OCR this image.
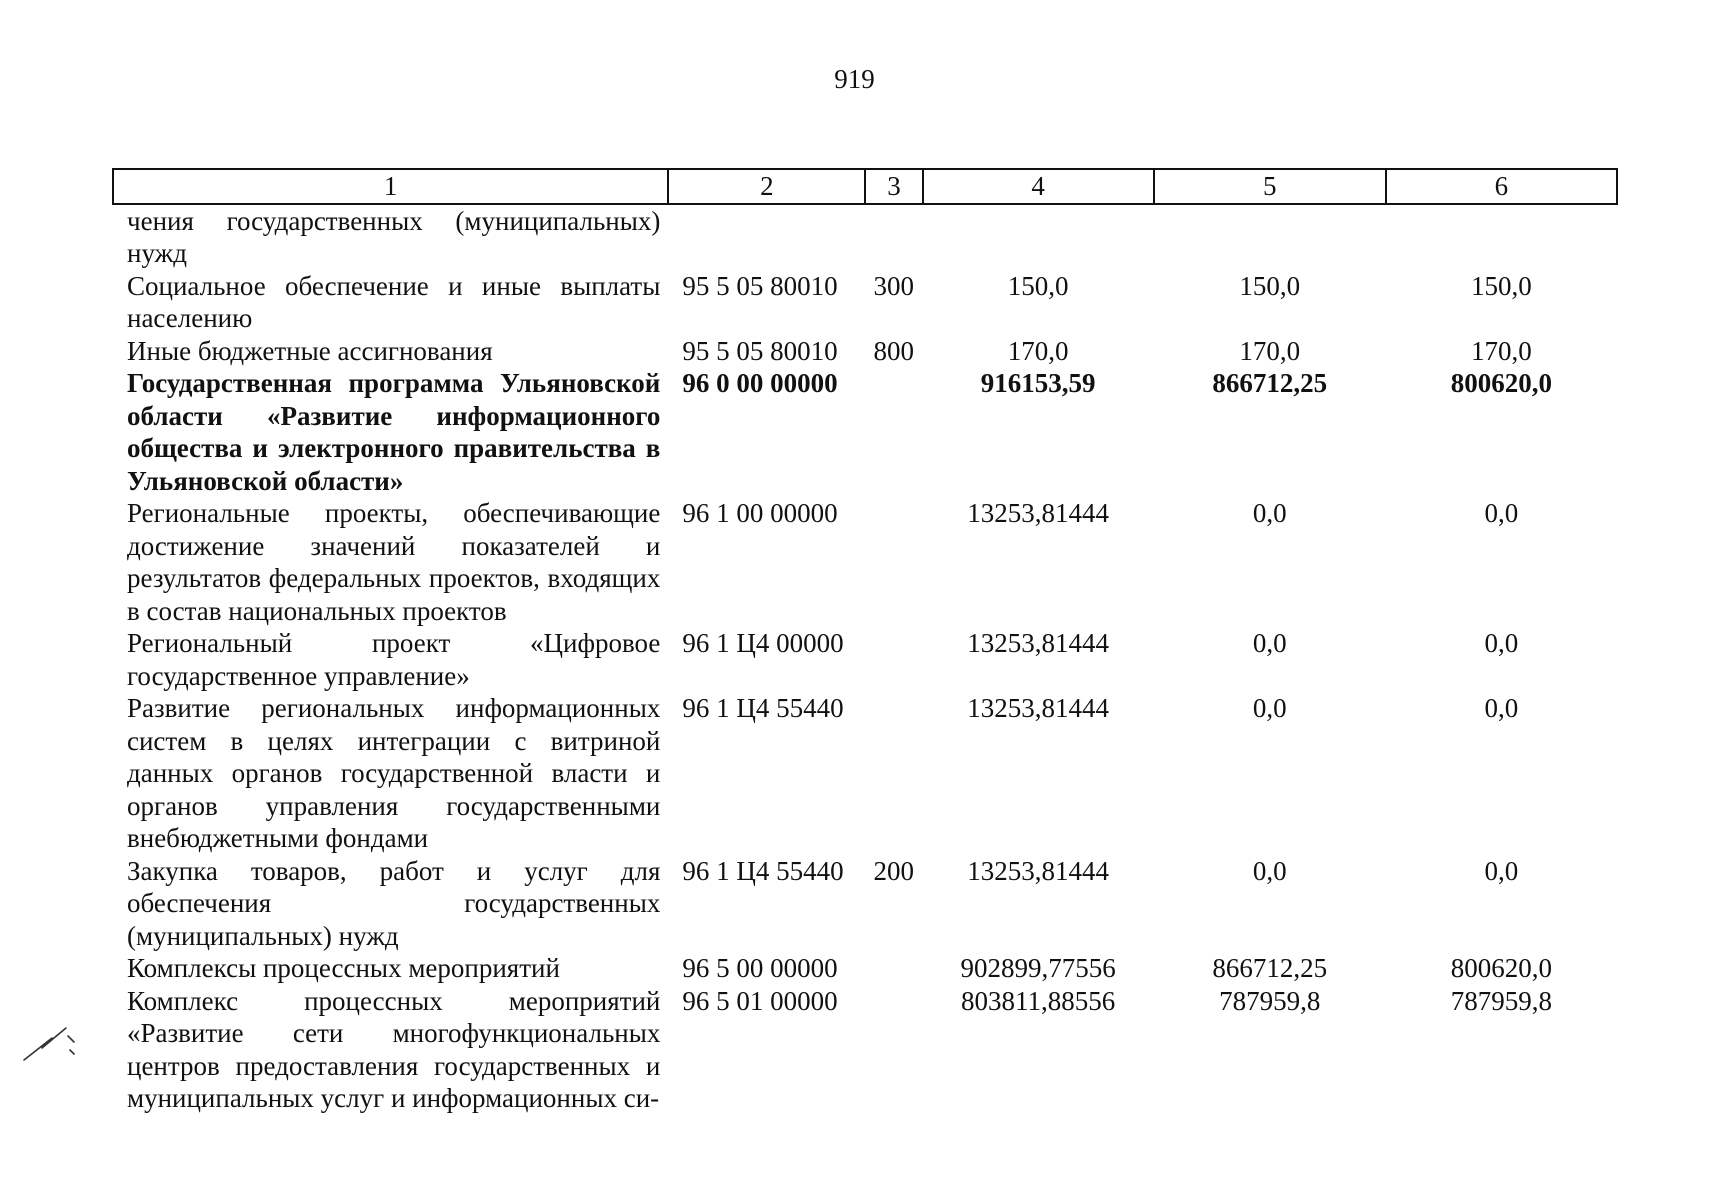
919
1	2	3	4	5	6
чения государственных (муниципальных) нужд					
Социальное обеспечение и иные выплаты населению	95 5 05 80010	300	150,0	150,0	150,0
Иные бюджетные ассигнования	95 5 05 80010	800	170,0	170,0	170,0
Государственная программа Ульяновской области «Развитие информационного общества и электронного правительства в Ульяновской области»	96 0 00 00000		916153,59	866712,25	800620,0
Региональные проекты, обеспечивающие достижение значений показателей и результатов федеральных проектов, входящих в состав национальных проектов	96 1 00 00000		13253,81444	0,0	0,0
Региональный проект «Цифровое государственное управление»	96 1 Ц4 00000		13253,81444	0,0	0,0
Развитие региональных информационных систем в целях интеграции с витриной данных органов государственной власти и органов управления государственными внебюджетными фондами	96 1 Ц4 55440		13253,81444	0,0	0,0
Закупка товаров, работ и услуг для обеспечения государственных (муниципальных) нужд	96 1 Ц4 55440	200	13253,81444	0,0	0,0
Комплексы процессных мероприятий	96 5 00 00000		902899,77556	866712,25	800620,0
Комплекс процессных мероприятий «Развитие сети многофункциональных центров предоставления государственных и муниципальных услуг и информационных си-	96 5 01 00000		803811,88556	787959,8	787959,8
